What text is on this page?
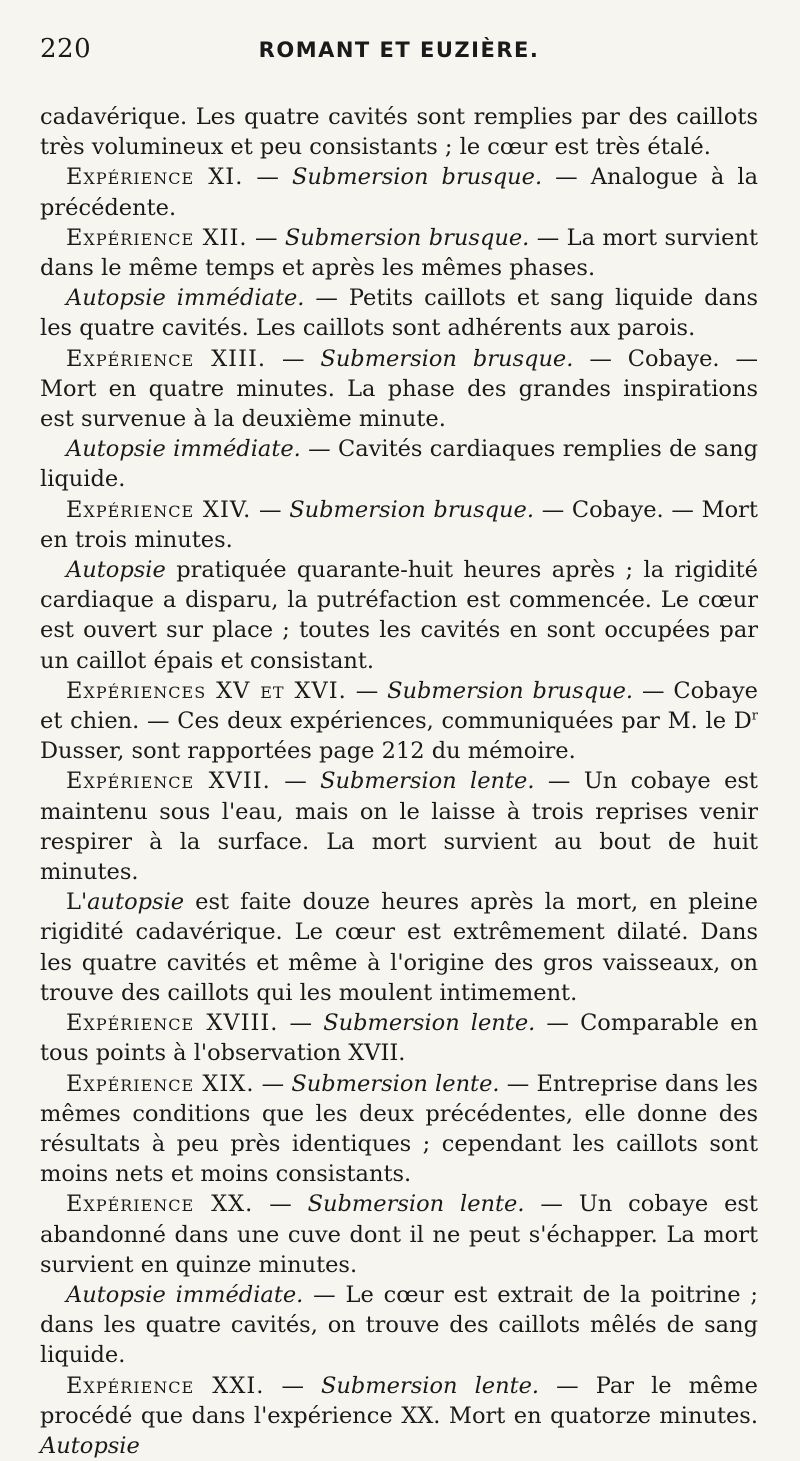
220	ROMANT ET EUZIÈRE.

cadavérique. Les quatre cavités sont remplies par des caillots très volumineux et peu consistants ; le cœur est très étalé.

Expérience XI. — Submersion brusque. — Analogue à la précédente.

Expérience XII. — Submersion brusque. — La mort survient dans le même temps et après les mêmes phases.

Autopsie immédiate. — Petits caillots et sang liquide dans les quatre cavités. Les caillots sont adhérents aux parois.

Expérience XIII. — Submersion brusque. — Cobaye. — Mort en quatre minutes. La phase des grandes inspirations est survenue à la deuxième minute.

Autopsie immédiate. — Cavités cardiaques remplies de sang liquide.

Expérience XIV. — Submersion brusque. — Cobaye. — Mort en trois minutes.

Autopsie pratiquée quarante-huit heures après ; la rigidité cardiaque a disparu, la putréfaction est commencée. Le cœur est ouvert sur place ; toutes les cavités en sont occupées par un caillot épais et consistant.

Expériences XV et XVI. — Submersion brusque. — Cobaye et chien. — Ces deux expériences, communiquées par M. le $D^r$ Dusser, sont rapportées page 212 du mémoire.

Expérience XVII. — Submersion lente. — Un cobaye est maintenu sous l'eau, mais on le laisse à trois reprises venir respirer à la surface. La mort survient au bout de huit minutes.

L'autopsie est faite douze heures après la mort, en pleine rigidité cadavérique. Le cœur est extrêmement dilaté. Dans les quatre cavités et même à l'origine des gros vaisseaux, on trouve des caillots qui les moulent intimement.

Expérience XVIII. — Submersion lente. — Comparable en tous points à l'observation XVII.

Expérience XIX. — Submersion lente. — Entreprise dans les mêmes conditions que les deux précédentes, elle donne des résultats à peu près identiques ; cependant les caillots sont moins nets et moins consistants.

Expérience XX. — Submersion lente. — Un cobaye est abandonné dans une cuve dont il ne peut s'échapper. La mort survient en quinze minutes.

Autopsie immédiate. — Le cœur est extrait de la poitrine ; dans les quatre cavités, on trouve des caillots mêlés de sang liquide.

Expérience XXI. — Submersion lente. — Par le même procédé que dans l'expérience XX. Mort en quatorze minutes. Autopsie
